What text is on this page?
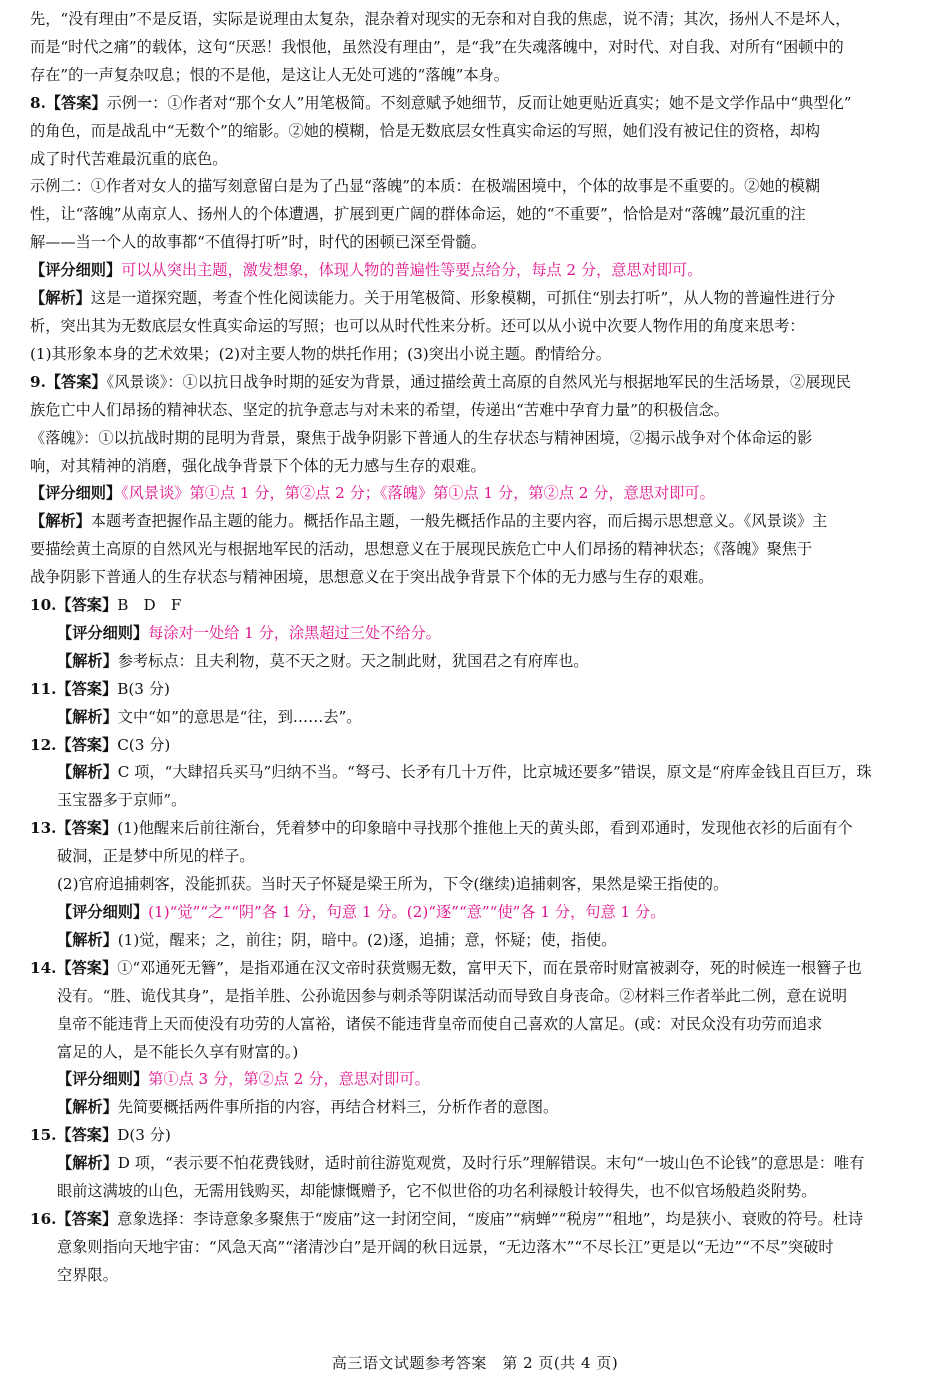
先，“没有理由”不是反语，实际是说理由太复杂，混杂着对现实的无奈和对自我的焦虑，说不清；其次，扬州人不是坏人，

而是“时代之痛”的载体，这句“厌恶！我恨他，虽然没有理由”，是“我”在失魂落魄中，对时代、对自我、对所有“困顿中的

存在”的一声复杂叹息；恨的不是他，是这让人无处可逃的“落魄”本身。

8.【答案】示例一：①作者对“那个女人”用笔极简。不刻意赋予她细节，反而让她更贴近真实；她不是文学作品中“典型化”

的角色，而是战乱中“无数个”的缩影。②她的模糊，恰是无数底层女性真实命运的写照，她们没有被记住的资格，却构

成了时代苦难最沉重的底色。

示例二：①作者对女人的描写刻意留白是为了凸显“落魄”的本质：在极端困境中，个体的故事是不重要的。②她的模糊

性，让“落魄”从南京人、扬州人的个体遭遇，扩展到更广阔的群体命运，她的“不重要”，恰恰是对“落魄”最沉重的注

解——当一个人的故事都“不值得打听”时，时代的困顿已深至骨髓。

【评分细则】可以从突出主题，激发想象，体现人物的普遍性等要点给分，每点 2 分，意思对即可。

【解析】这是一道探究题，考查个性化阅读能力。关于用笔极简、形象模糊，可抓住“别去打听”，从人物的普遍性进行分

析，突出其为无数底层女性真实命运的写照；也可以从时代性来分析。还可以从小说中次要人物作用的角度来思考：

(1)其形象本身的艺术效果；(2)对主要人物的烘托作用；(3)突出小说主题。酌情给分。

9.【答案】《风景谈》：①以抗日战争时期的延安为背景，通过描绘黄土高原的自然风光与根据地军民的生活场景，②展现民

族危亡中人们昂扬的精神状态、坚定的抗争意志与对未来的希望，传递出“苦难中孕育力量”的积极信念。

《落魄》：①以抗战时期的昆明为背景，聚焦于战争阴影下普通人的生存状态与精神困境，②揭示战争对个体命运的影

响，对其精神的消磨，强化战争背景下个体的无力感与生存的艰难。

【评分细则】《风景谈》第①点 1 分，第②点 2 分；《落魄》第①点 1 分，第②点 2 分，意思对即可。

【解析】本题考查把握作品主题的能力。概括作品主题，一般先概括作品的主要内容，而后揭示思想意义。《风景谈》主

要描绘黄土高原的自然风光与根据地军民的活动，思想意义在于展现民族危亡中人们昂扬的精神状态；《落魄》聚焦于

战争阴影下普通人的生存状态与精神困境，思想意义在于突出战争背景下个体的无力感与生存的艰难。

10.【答案】B　D　F

【评分细则】每涂对一处给 1 分，涂黑超过三处不给分。

【解析】参考标点：且夫利物，莫不天之财。天之制此财，犹国君之有府库也。

11.【答案】B(3 分)

【解析】文中“如”的意思是“往，到……去”。

12.【答案】C(3 分)

【解析】C 项，“大肆招兵买马”归纳不当。“弩弓、长矛有几十万件，比京城还要多”错误，原文是“府库金钱且百巨万，珠

玉宝器多于京师”。

13.【答案】(1)他醒来后前往渐台，凭着梦中的印象暗中寻找那个推他上天的黄头郎，看到邓通时，发现他衣衫的后面有个

破洞，正是梦中所见的样子。

(2)官府追捕刺客，没能抓获。当时天子怀疑是梁王所为，下令(继续)追捕刺客，果然是梁王指使的。

【评分细则】(1)“觉”“之”“阴”各 1 分，句意 1 分。(2)“逐”“意”“使”各 1 分，句意 1 分。

【解析】(1)觉，醒来；之，前往；阴，暗中。(2)逐，追捕；意，怀疑；使，指使。

14.【答案】①“邓通死无簪”，是指邓通在汉文帝时获赏赐无数，富甲天下，而在景帝时财富被剥夺，死的时候连一根簪子也

没有。“胜、诡伐其身”，是指羊胜、公孙诡因参与刺杀等阴谋活动而导致自身丧命。②材料三作者举此二例，意在说明

皇帝不能违背上天而使没有功劳的人富裕，诸侯不能违背皇帝而使自己喜欢的人富足。(或：对民众没有功劳而追求

富足的人，是不能长久享有财富的。)

【评分细则】第①点 3 分，第②点 2 分，意思对即可。

【解析】先简要概括两件事所指的内容，再结合材料三，分析作者的意图。

15.【答案】D(3 分)

【解析】D 项，“表示要不怕花费钱财，适时前往游览观赏，及时行乐”理解错误。末句“一坡山色不论钱”的意思是：唯有

眼前这满坡的山色，无需用钱购买，却能慷慨赠予，它不似世俗的功名利禄般计较得失，也不似官场般趋炎附势。

16.【答案】意象选择：李诗意象多聚焦于“废庙”这一封闭空间，“废庙”“病蝉”“税房”“租地”，均是狭小、衰败的符号。杜诗

意象则指向天地宇宙：“风急天高”“渚清沙白”是开阔的秋日远景，“无边落木”“不尽长江”更是以“无边”“不尽”突破时

空界限。

高三语文试题参考答案　第 2 页(共 4 页)
